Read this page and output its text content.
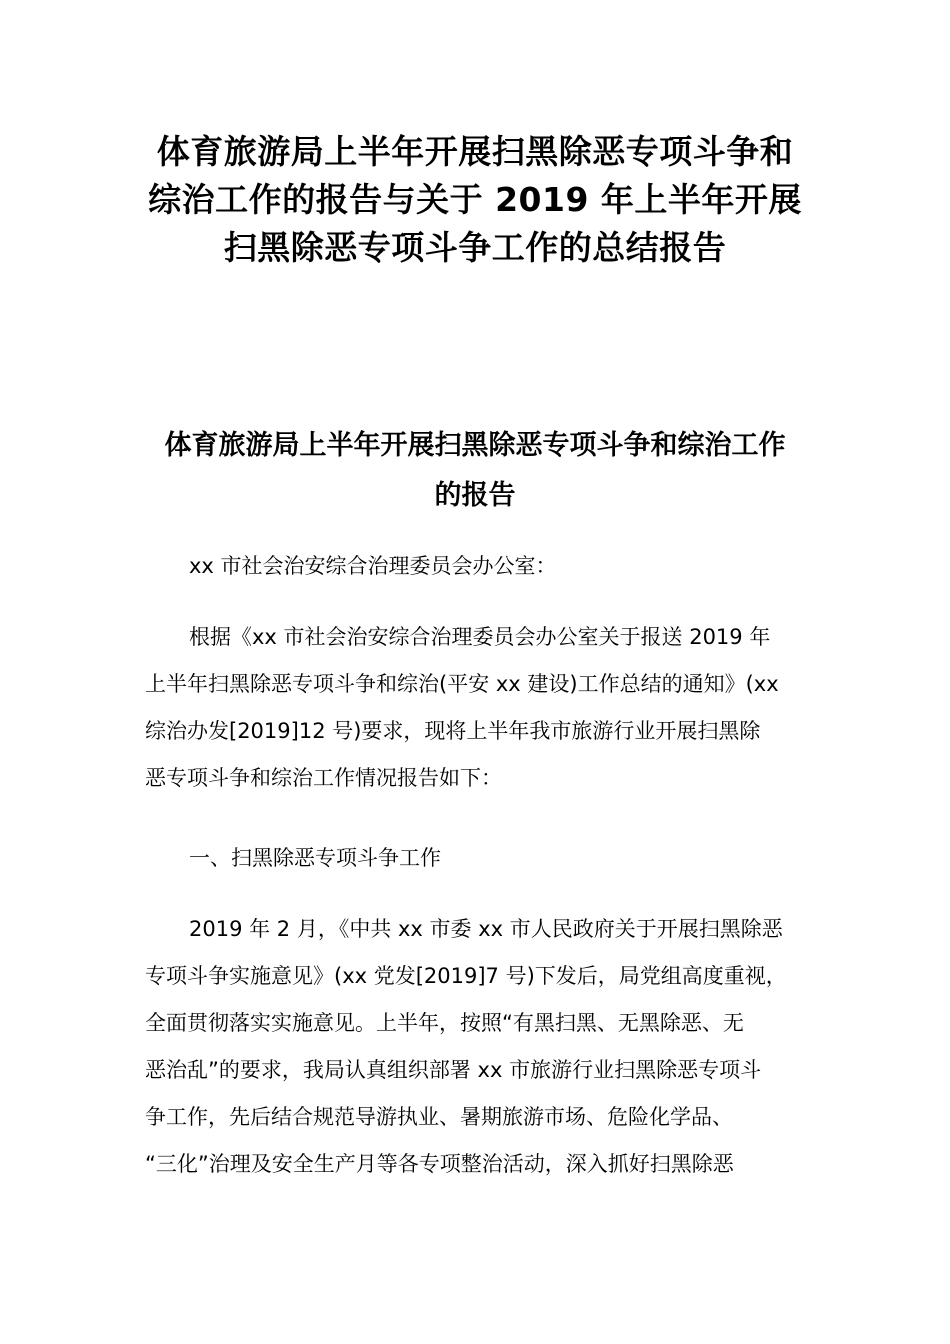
体育旅游局上半年开展扫黑除恶专项斗争和
综治工作的报告与关于 2019 年上半年开展
扫黑除恶专项斗争工作的总结报告
体育旅游局上半年开展扫黑除恶专项斗争和综治工作
的报告

xx 市社会治安综合治理委员会办公室：

根据《xx 市社会治安综合治理委员会办公室关于报送 2019 年
上半年扫黑除恶专项斗争和综治(平安 xx 建设)工作总结的通知》(xx
综治办发[2019]12 号)要求，现将上半年我市旅游行业开展扫黑除
恶专项斗争和综治工作情况报告如下：

一、扫黑除恶专项斗争工作

2019 年 2 月，《中共 xx 市委 xx 市人民政府关于开展扫黑除恶
专项斗争实施意见》(xx 党发[2019]7 号)下发后，局党组高度重视，
全面贯彻落实实施意见。上半年，按照“有黑扫黑、无黑除恶、无
恶治乱”的要求，我局认真组织部署 xx 市旅游行业扫黑除恶专项斗
争工作，先后结合规范导游执业、暑期旅游市场、危险化学品、
“三化”治理及安全生产月等各专项整治活动，深入抓好扫黑除恶
